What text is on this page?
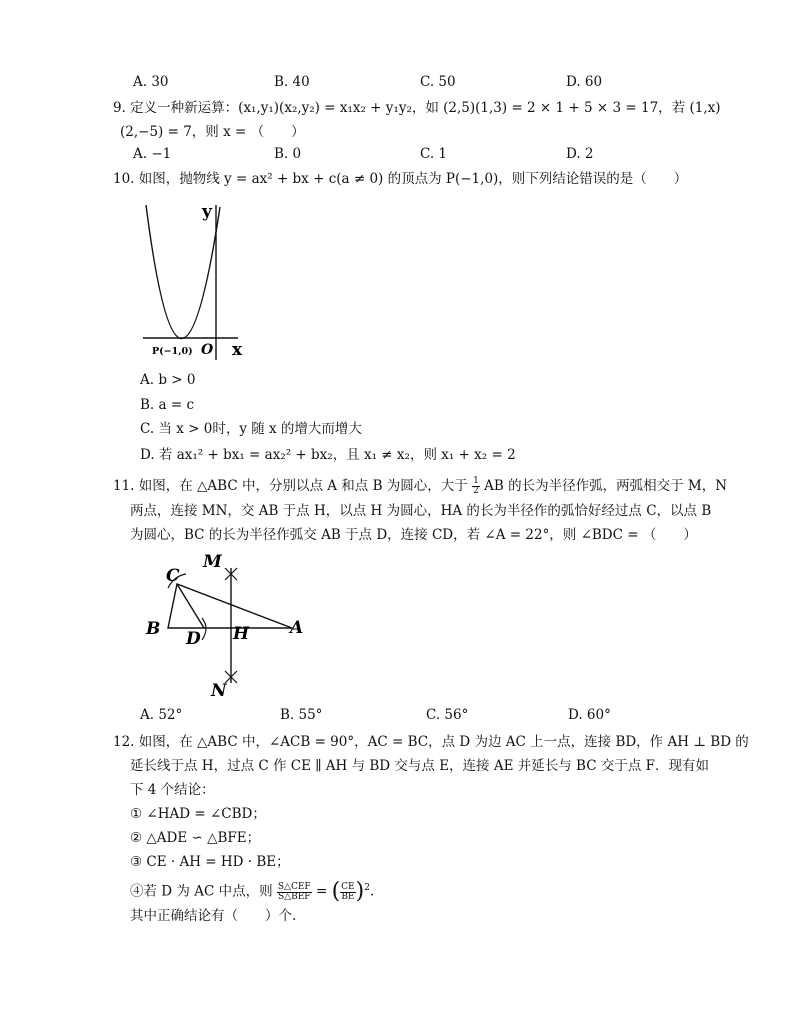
A. 30	B. 40	C. 50	D. 60
9. 定义一种新运算：(x₁,y₁)(x₂,y₂) = x₁x₂ + y₁y₂，如 (2,5)(1,3) = 2 × 1 + 5 × 3 = 17，若 (1,x)
(2,−5) = 7，则 x = （　　）
A. −1	B. 0	C. 1	D. 2
10. 如图，抛物线 y = ax² + bx + c(a ≠ 0) 的顶点为 P(−1,0)，则下列结论错误的是（　　）
y
x
O
P(−1,0)
A. b > 0
B. a = c
C. 当 x > 0时，y 随 x 的增大而增大
D. 若 ax₁² + bx₁ = ax₂² + bx₂，且 x₁ ≠ x₂，则 x₁ + x₂ = 2
11. 如图，在 △ABC 中，分别以点 A 和点 B 为圆心，大于 $\frac{1}{2}$ AB 的长为半径作弧，两弧相交于 M，N
两点，连接 MN，交 AB 于点 H，以点 H 为圆心，HA 的长为半径作的弧恰好经过点 C，以点 B
为圆心，BC 的长为半径作弧交 AB 于点 D，连接 CD，若 ∠A = 22°，则 ∠BDC = （　　）
M
N
C
B D H A
A. 52°	B. 55°	C. 56°	D. 60°
12. 如图，在 △ABC 中，∠ACB = 90°，AC = BC，点 D 为边 AC 上一点，连接 BD，作 AH ⊥ BD 的
延长线于点 H，过点 C 作 CE ∥ AH 与 BD 交与点 E，连接 AE 并延长与 BC 交于点 F．现有如
下 4 个结论：
① ∠HAD = ∠CBD；
② △ADE ∽ △BFE；
③ CE · AH = HD · BE；
④若 D 为 AC 中点，则 $\frac{\text{S△CEF}}{\text{S△BEF}}$ = ( $\frac{CE}{BE} )^2$.
其中正确结论有（　　）个.
